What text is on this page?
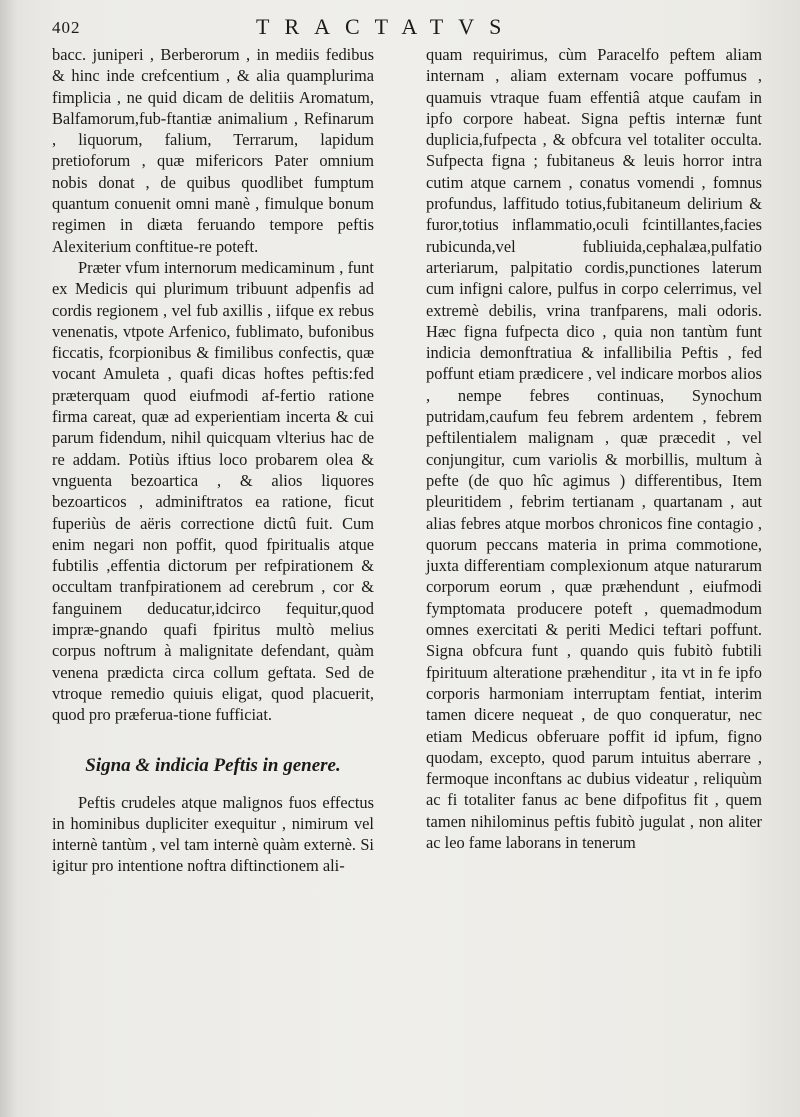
402	TRACTATVS

bacc. juniperi , Berberorum , in mediis fedibus & hinc inde crefcentium , & alia quamplurima fimplicia , ne quid dicam de delitiis Aromatum, Balfamorum,fub-ftantiæ animalium , Refinarum , liquorum, falium, Terrarum, lapidum pretioforum , quæ mifericors Pater omnium nobis donat , de quibus quodlibet fumptum quantum conuenit omni manè , fimulque bonum regimen in diæta feruando tempore peftis Alexiterium conftitue-re poteft.

Præter vfum internorum medicaminum , funt ex Medicis qui plurimum tribuunt adpenfis ad cordis regionem , vel fub axillis , iifque ex rebus venenatis, vtpote Arfenico, fublimato, bufonibus ficcatis, fcorpionibus & fimilibus confectis, quæ vocant Amuleta , quafi dicas hoftes peftis:fed præterquam quod eiufmodi af-fertio ratione firma careat, quæ ad experientiam incerta & cui parum fidendum, nihil quicquam vlterius hac de re addam. Potiùs iftius loco probarem olea & vnguenta bezoartica , & alios liquores bezoarticos , adminiftratos ea ratione, ficut fuperiùs de aëris correctione dictû fuit. Cum enim negari non poffit, quod fpiritualis atque fubtilis ,effentia dictorum per refpirationem & occultam tranfpirationem ad cerebrum , cor & fanguinem deducatur,idcirco fequitur,quod impræ-gnando quafi fpiritus multò melius corpus noftrum à malignitate defendant, quàm venena prædicta circa collum geftata. Sed de vtroque remedio quiuis eligat, quod placuerit, quod pro præferua-tione fufficiat.

Signa & indicia Peftis in genere.

Peftis crudeles atque malignos fuos effectus in hominibus dupliciter exequitur , nimirum vel internè tantùm , vel tam internè quàm externè. Si igitur pro intentione noftra diftinctionem ali-

quam requirimus, cùm Paracelfo peftem aliam internam , aliam externam vocare poffumus , quamuis vtraque fuam effentiâ atque caufam in ipfo corpore habeat. Signa peftis internæ funt duplicia,fufpecta , & obfcura vel totaliter occulta. Sufpecta figna ; fubitaneus & leuis horror intra cutim atque carnem , conatus vomendi , fomnus profundus, laffitudo totius,fubitaneum delirium & furor,totius inflammatio,oculi fcintillantes,facies rubicunda,vel fubliuida,cephalæa,pulfatio arteriarum, palpitatio cordis,punctiones laterum cum infigni calore, pulfus in corpo celerrimus, vel extremè debilis, vrina tranfparens, mali odoris. Hæc figna fufpecta dico , quia non tantùm funt indicia demonftratiua & infallibilia Peftis , fed poffunt etiam prædicere , vel indicare morbos alios , nempe febres continuas, Synochum putridam,caufum feu febrem ardentem , febrem peftilentialem malignam , quæ præcedit , vel conjungitur, cum variolis & morbillis, multum à pefte (de quo hîc agimus ) differentibus, Item pleuritidem , febrim tertianam , quartanam , aut alias febres atque morbos chronicos fine contagio , quorum peccans materia in prima commotione, juxta differentiam complexionum atque naturarum corporum eorum , quæ præhendunt , eiufmodi fymptomata producere poteft , quemadmodum omnes exercitati & periti Medici teftari poffunt. Signa obfcura funt , quando quis fubitò fubtili fpirituum alteratione præhenditur , ita vt in fe ipfo corporis harmoniam interruptam fentiat, interim tamen dicere nequeat , de quo conqueratur, nec etiam Medicus obferuare poffit id ipfum, figno quodam, excepto, quod parum intuitus aberrare , fermoque inconftans ac dubius videatur , reliquùm ac fi totaliter fanus ac bene difpofitus fit , quem tamen nihilominus peftis fubitò jugulat , non aliter ac leo fame laborans in tenerum
